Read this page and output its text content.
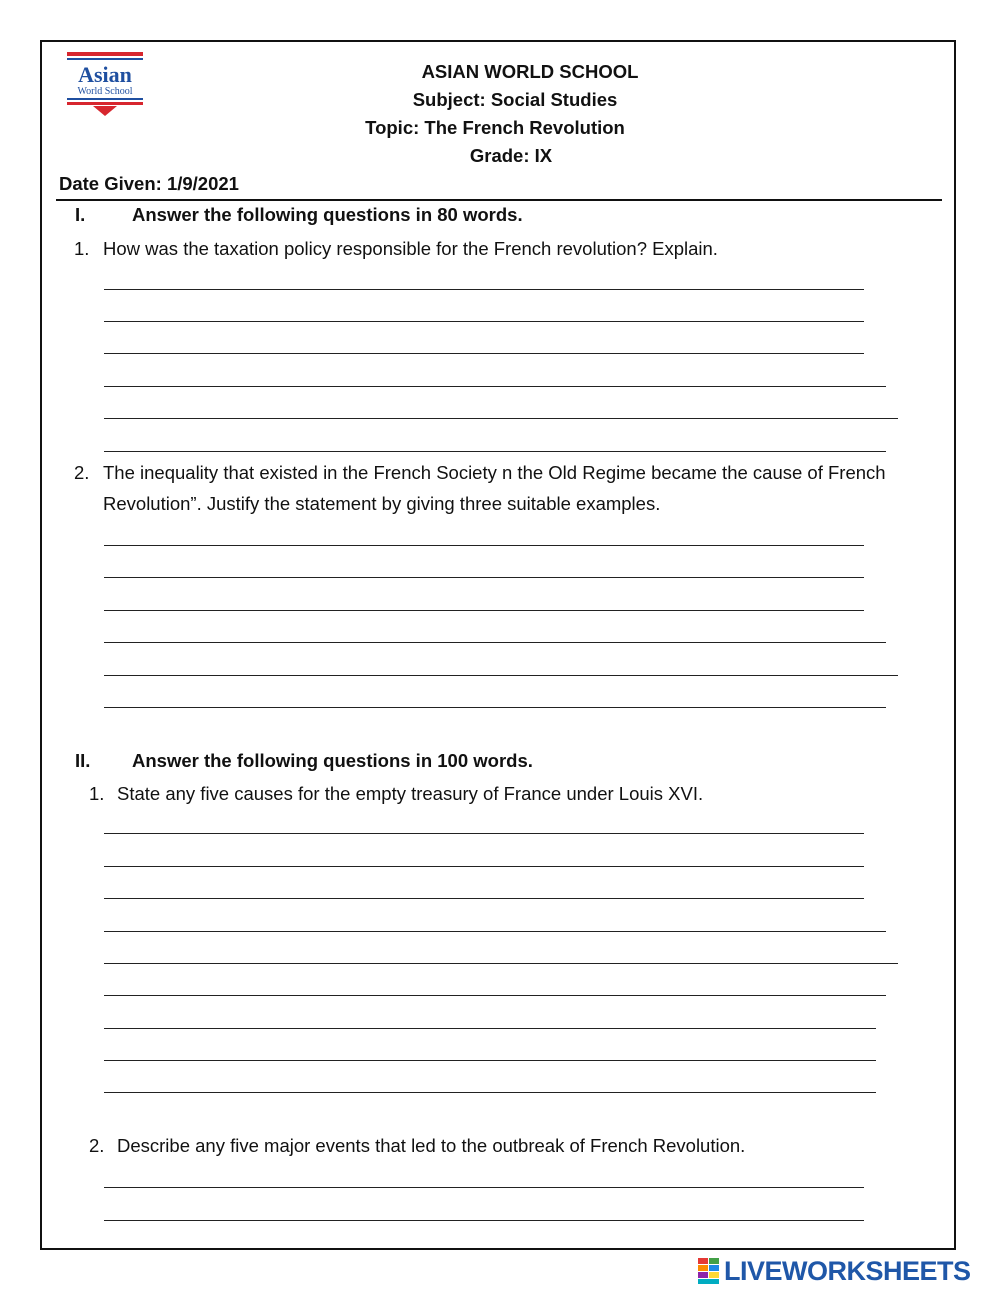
Asian
World School
ASIAN WORLD SCHOOL
Subject: Social Studies
Topic: The French Revolution
Grade: IX
Date Given: 1/9/2021
I.	Answer the following questions in 80 words.
1. How was the taxation policy responsible for the French revolution? Explain.
2. The inequality that existed in the French Society n the Old Regime became the cause of French Revolution”. Justify the statement by giving three suitable examples.
II. Answer the following questions in 100 words.
1. State any five causes for the empty treasury of France under Louis XVI.
2. Describe any five major events that led to the outbreak of French Revolution.
LIVEWORKSHEETS
